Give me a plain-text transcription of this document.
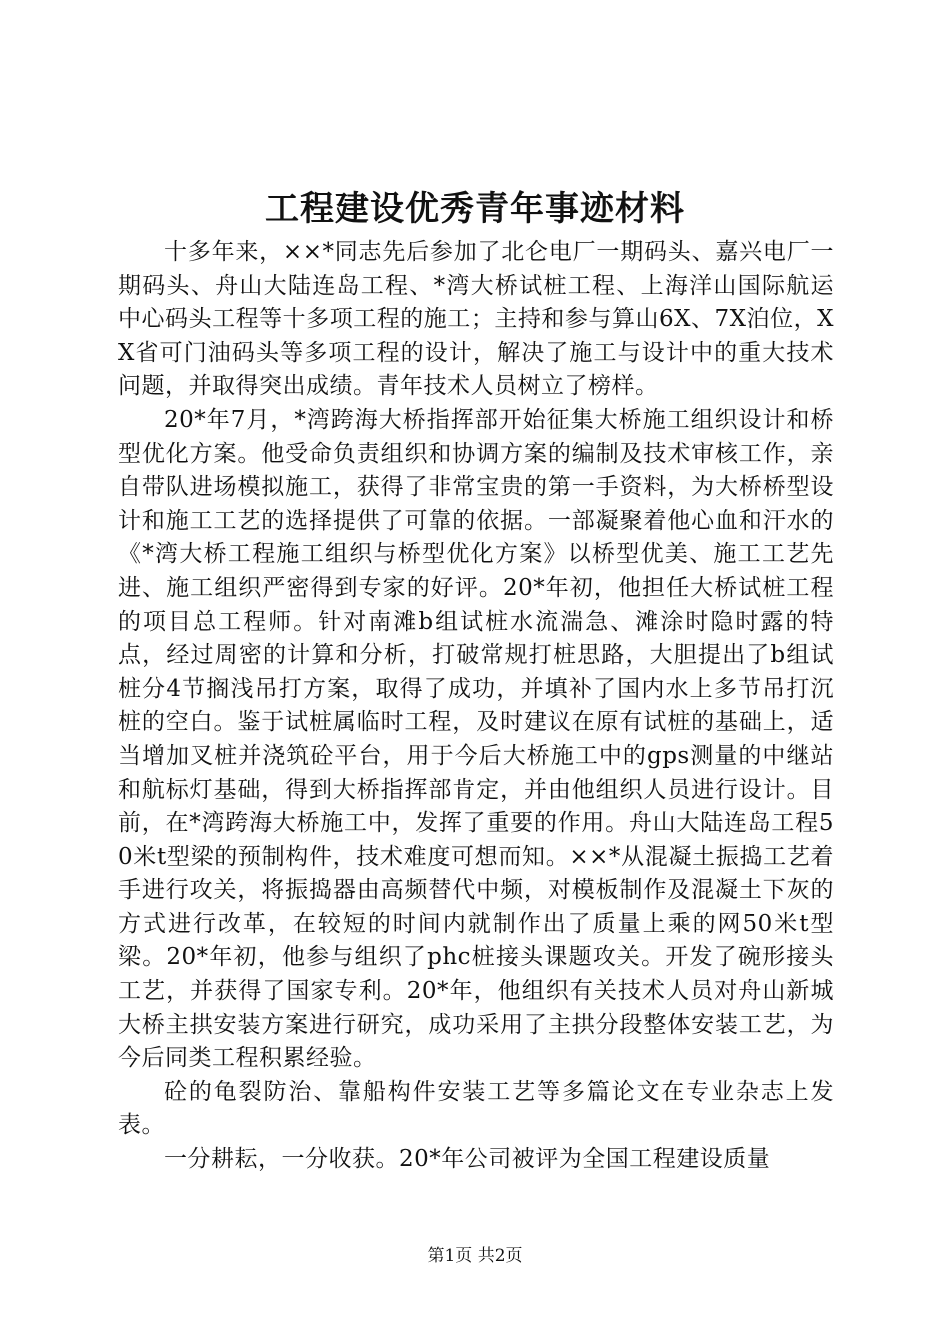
工程建设优秀青年事迹材料

十多年来，××*同志先后参加了北仑电厂一期码头、嘉兴电厂一期码头、舟山大陆连岛工程、*湾大桥试桩工程、上海洋山国际航运中心码头工程等十多项工程的施工；主持和参与算山6X、7X泊位，XX省可门油码头等多项工程的设计，解决了施工与设计中的重大技术问题，并取得突出成绩。青年技术人员树立了榜样。

20*年7月，*湾跨海大桥指挥部开始征集大桥施工组织设计和桥型优化方案。他受命负责组织和协调方案的编制及技术审核工作，亲自带队进场模拟施工，获得了非常宝贵的第一手资料，为大桥桥型设计和施工工艺的选择提供了可靠的依据。一部凝聚着他心血和汗水的《*湾大桥工程施工组织与桥型优化方案》以桥型优美、施工工艺先进、施工组织严密得到专家的好评。20*年初，他担任大桥试桩工程的项目总工程师。针对南滩b组试桩水流湍急、滩涂时隐时露的特点，经过周密的计算和分析，打破常规打桩思路，大胆提出了b组试桩分4节搁浅吊打方案，取得了成功，并填补了国内水上多节吊打沉桩的空白。鉴于试桩属临时工程，及时建议在原有试桩的基础上，适当增加叉桩并浇筑砼平台，用于今后大桥施工中的gps测量的中继站和航标灯基础，得到大桥指挥部肯定，并由他组织人员进行设计。目前，在*湾跨海大桥施工中，发挥了重要的作用。舟山大陆连岛工程50米t型梁的预制构件，技术难度可想而知。××*从混凝土振捣工艺着手进行攻关，将振捣器由高频替代中频，对模板制作及混凝土下灰的方式进行改革，在较短的时间内就制作出了质量上乘的网50米t型梁。20*年初，他参与组织了phc桩接头课题攻关。开发了碗形接头工艺，并获得了国家专利。20*年，他组织有关技术人员对舟山新城大桥主拱安装方案进行研究，成功采用了主拱分段整体安装工艺，为今后同类工程积累经验。

砼的龟裂防治、靠船构件安装工艺等多篇论文在专业杂志上发表。

一分耕耘，一分收获。20*年公司被评为全国工程建设质量

第1页 共2页
